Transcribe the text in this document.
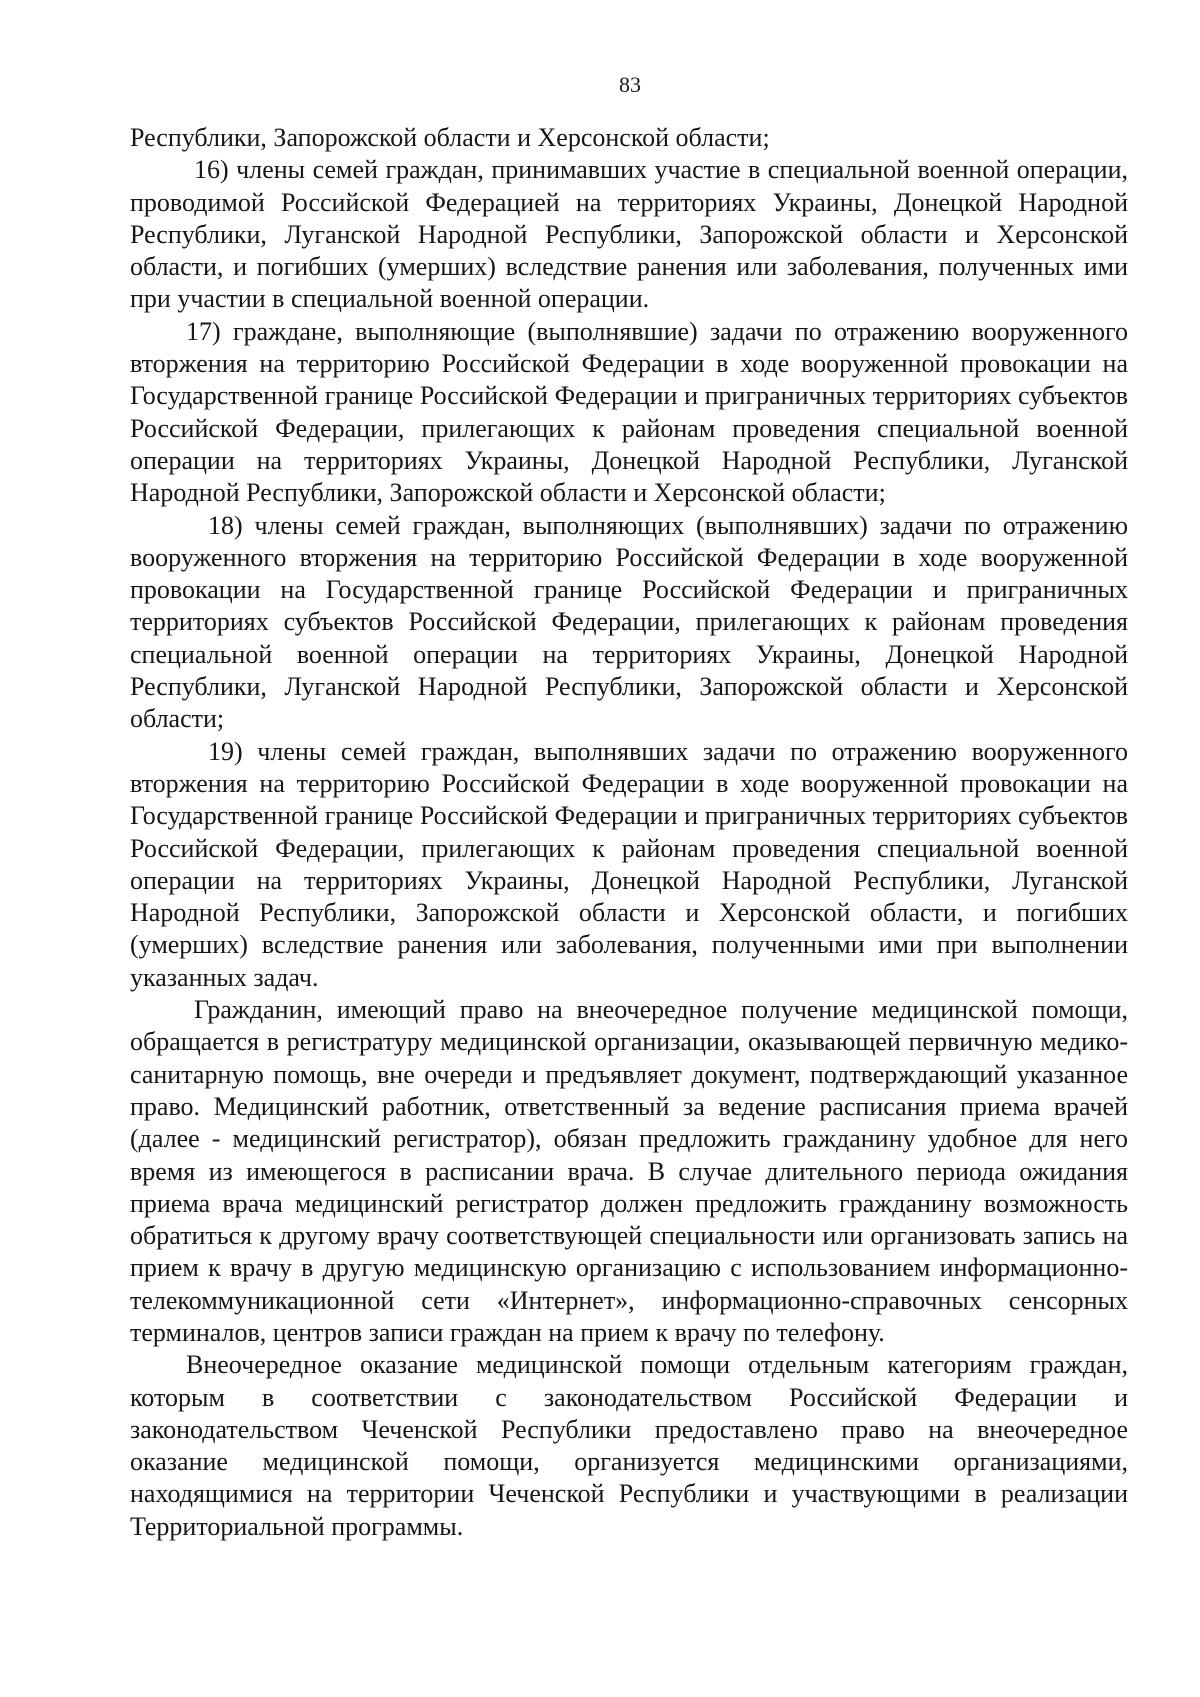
83

Республики, Запорожской области и Херсонской области;

16) члены семей граждан, принимавших участие в специальной военной операции, проводимой Российской Федерацией на территориях Украины, Донецкой Народной Республики, Луганской Народной Республики, Запорожской области и Херсонской области, и погибших (умерших) вследствие ранения или заболевания, полученных ими при участии в специальной военной операции.

17) граждане, выполняющие (выполнявшие) задачи по отражению вооруженного вторжения на территорию Российской Федерации в ходе вооруженной провокации на Государственной границе Российской Федерации и приграничных территориях субъектов Российской Федерации, прилегающих к районам проведения специальной военной операции на территориях Украины, Донецкой Народной Республики, Луганской Народной Республики, Запорожской области и Херсонской области;

18) члены семей граждан, выполняющих (выполнявших) задачи по отражению вооруженного вторжения на территорию Российской Федерации в ходе вооруженной провокации на Государственной границе Российской Федерации и приграничных территориях субъектов Российской Федерации, прилегающих к районам проведения специальной военной операции на территориях Украины, Донецкой Народной Республики, Луганской Народной Республики, Запорожской области и Херсонской области;

19) члены семей граждан, выполнявших задачи по отражению вооруженного вторжения на территорию Российской Федерации в ходе вооруженной провокации на Государственной границе Российской Федерации и приграничных территориях субъектов Российской Федерации, прилегающих к районам проведения специальной военной операции на территориях Украины, Донецкой Народной Республики, Луганской Народной Республики, Запорожской области и Херсонской области, и погибших (умерших) вследствие ранения или заболевания, полученными ими при выполнении указанных задач.

Гражданин, имеющий право на внеочередное получение медицинской помощи, обращается в регистратуру медицинской организации, оказывающей первичную медико-санитарную помощь, вне очереди и предъявляет документ, подтверждающий указанное право. Медицинский работник, ответственный за ведение расписания приема врачей (далее - медицинский регистратор), обязан предложить гражданину удобное для него время из имеющегося в расписании врача. В случае длительного периода ожидания приема врача медицинский регистратор должен предложить гражданину возможность обратиться к другому врачу соответствующей специальности или организовать запись на прием к врачу в другую медицинскую организацию с использованием информационно-телекоммуникационной сети «Интернет», информационно-справочных сенсорных терминалов, центров записи граждан на прием к врачу по телефону.

Внеочередное оказание медицинской помощи отдельным категориям граждан, которым в соответствии с законодательством Российской Федерации и законодательством Чеченской Республики предоставлено право на внеочередное оказание медицинской помощи, организуется медицинскими организациями, находящимися на территории Чеченской Республики и участвующими в реализации Территориальной программы.
